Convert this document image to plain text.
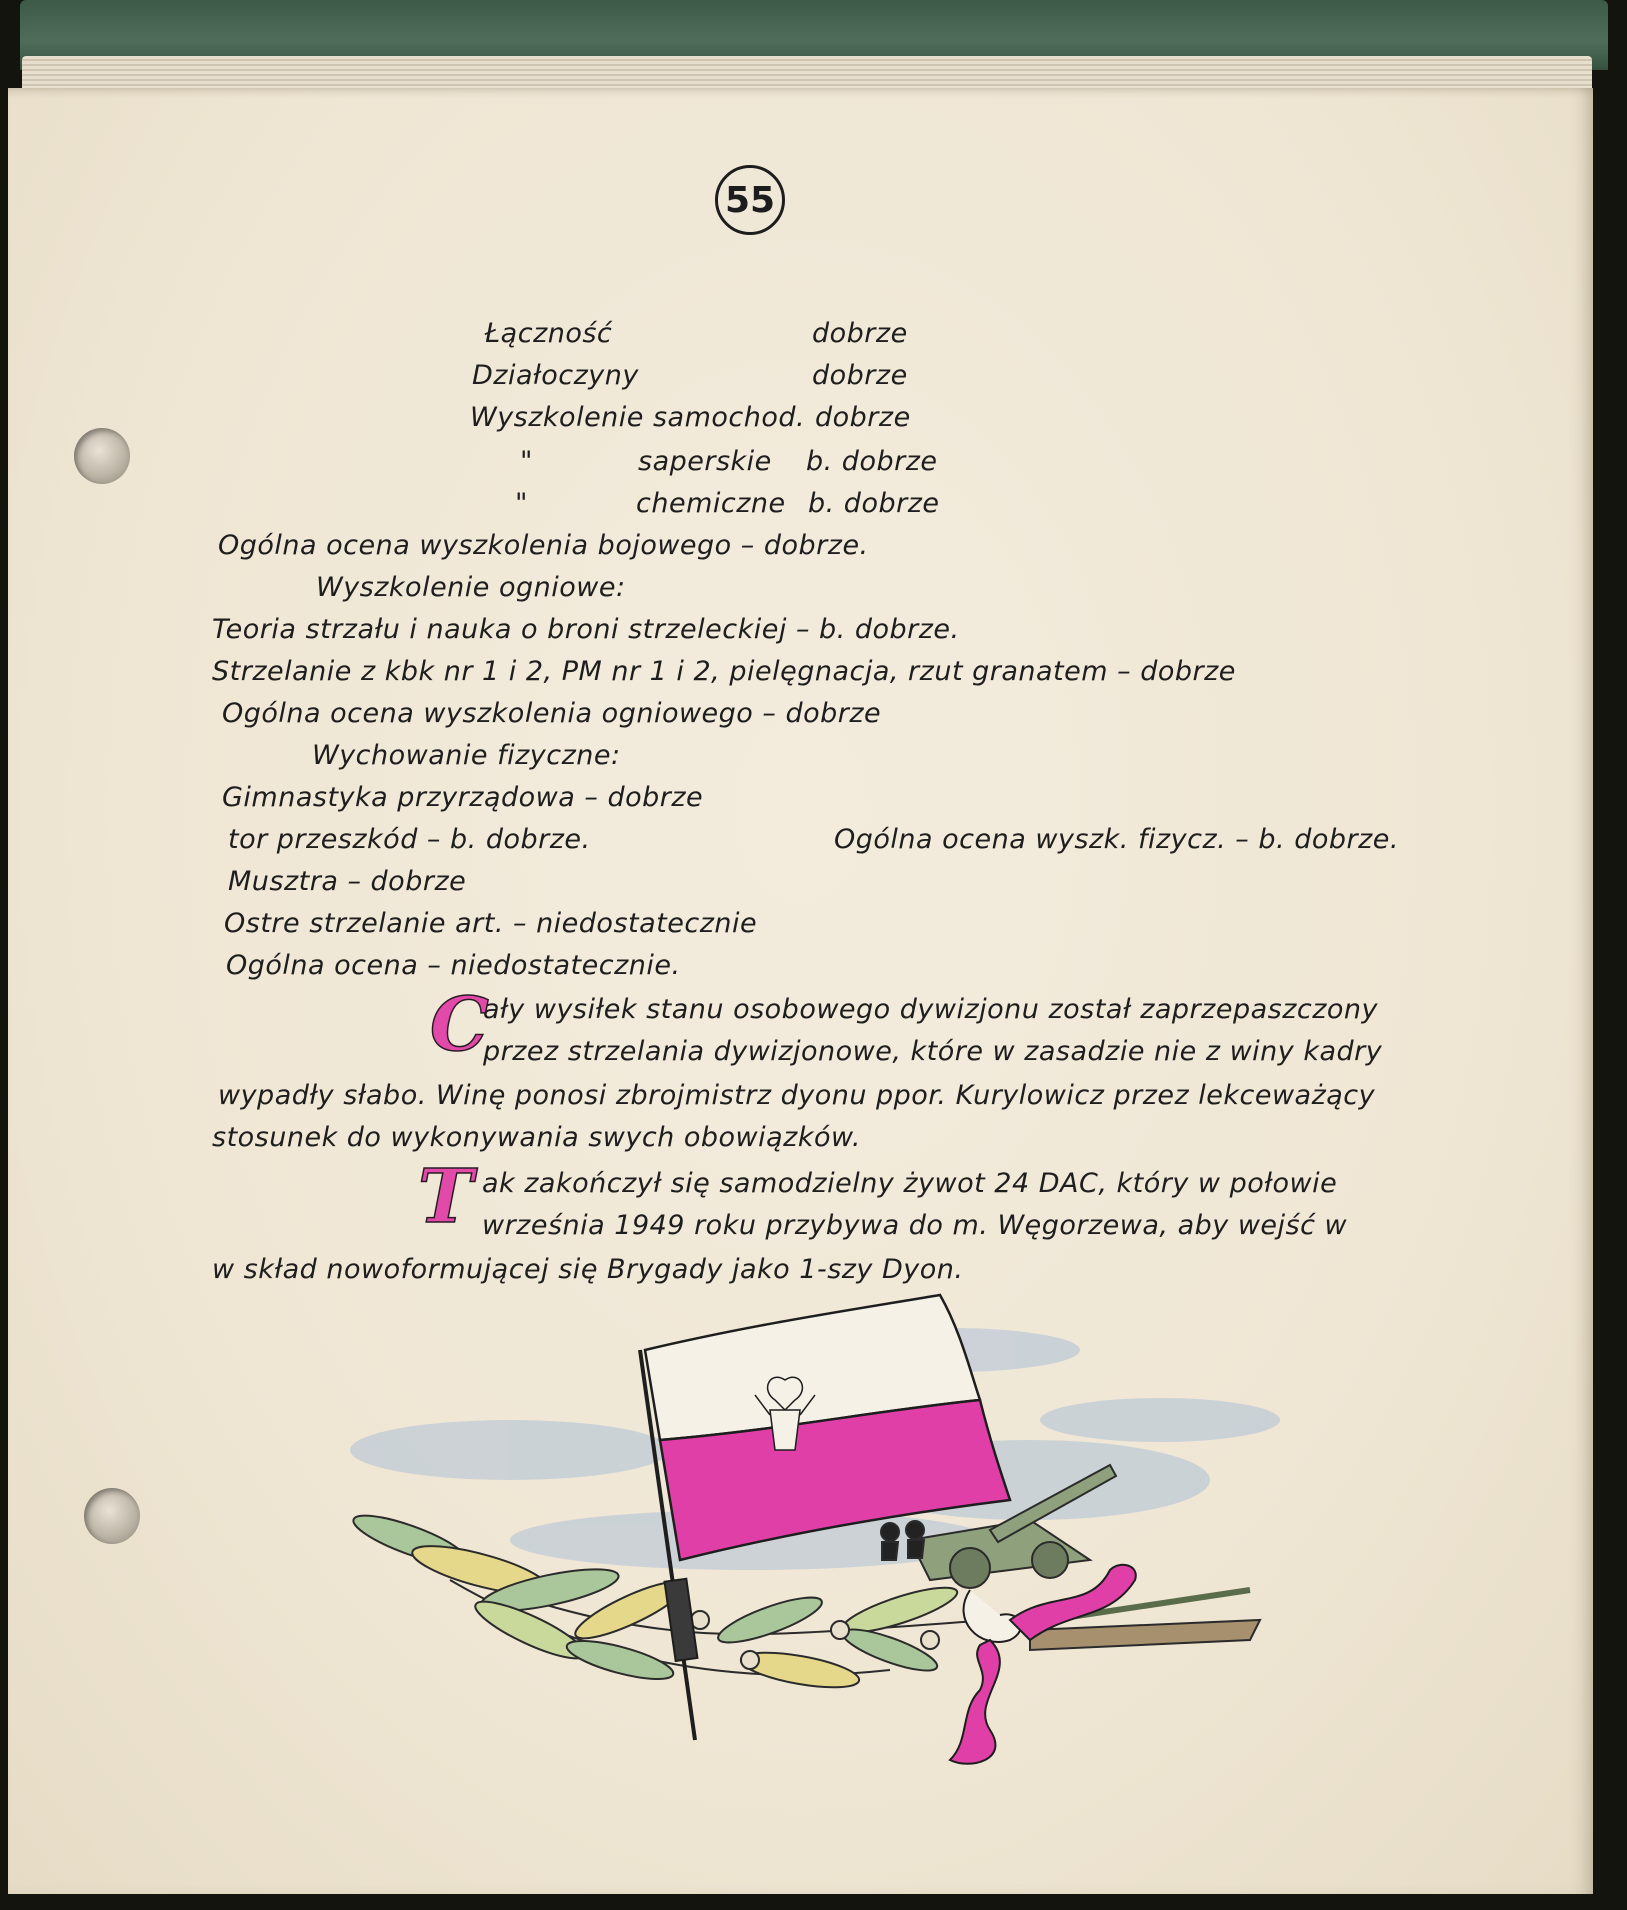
55
Łączność	dobrze
Działoczyny	dobrze
Wyszkolenie samochod. dobrze
"	saperskie b. dobrze
"	chemiczne b. dobrze
Ogólna ocena wyszkolenia bojowego – dobrze.
Wyszkolenie ogniowe:
Teoria strzału i nauka o broni strzeleckiej – b. dobrze.
Strzelanie z kbk nr 1 i 2, PM nr 1 i 2, pielęgnacja, rzut granatem – dobrze
Ogólna ocena wyszkolenia ogniowego – dobrze
Wychowanie fizyczne:
Gimnastyka przyrządowa – dobrze
tor przeszkód – b. dobrze.	Ogólna ocena wyszk. fizycz. – b. dobrze.
Musztra – dobrze
Ostre strzelanie art. – niedostatecznie
Ogólna ocena – niedostatecznie.
C
ały wysiłek stanu osobowego dywizjonu został zaprzepaszczony
przez strzelania dywizjonowe, które w zasadzie nie z winy kadry
wypadły słabo. Winę ponosi zbrojmistrz dyonu ppor. Kurylowicz przez lekceważący
stosunek do wykonywania swych obowiązków.
T ak zakończył się samodzielny żywot 24 DAC, który w połowie
września 1949 roku przybywa do m. Węgorzewa, aby wejść w
w skład nowoformującej się Brygady jako 1-szy Dyon.
